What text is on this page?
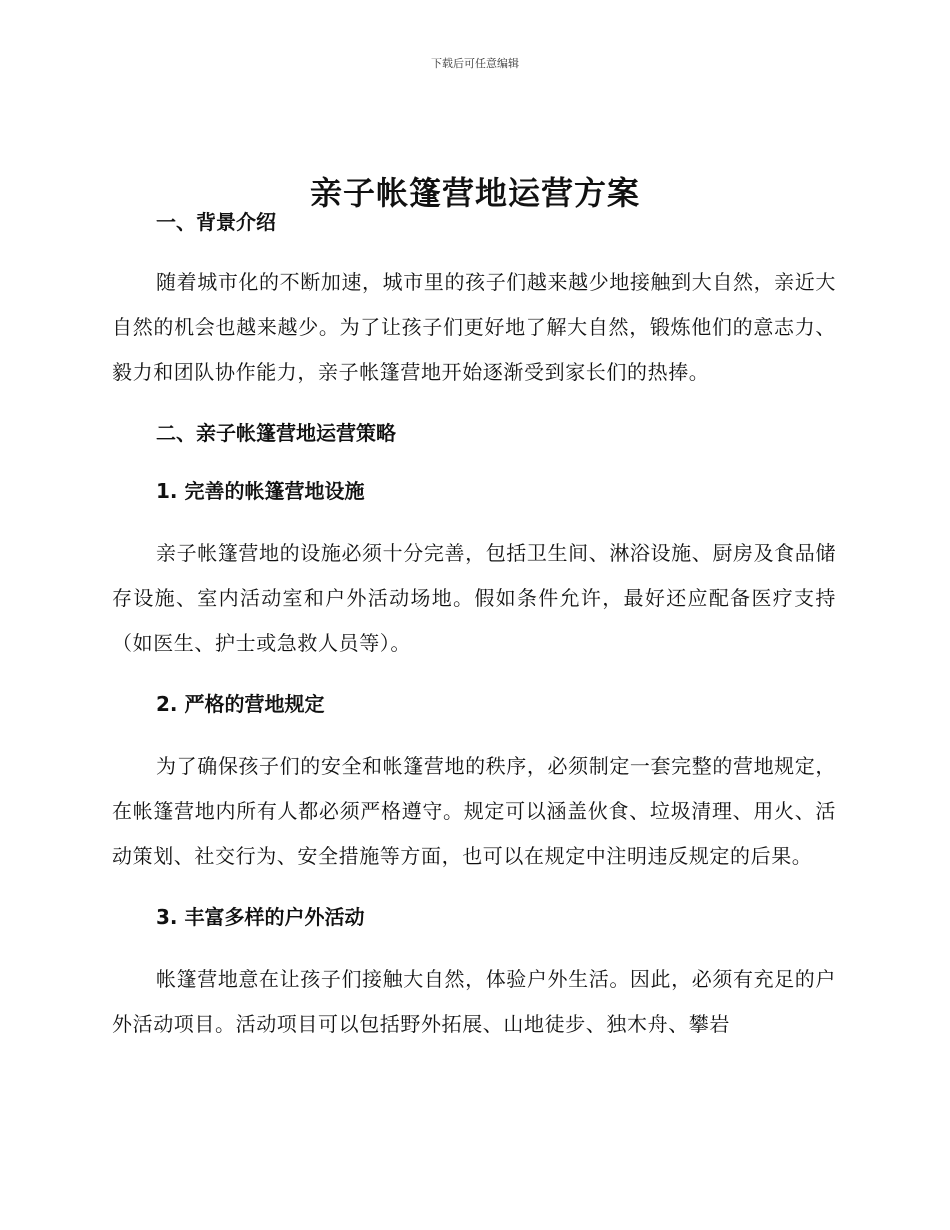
下载后可任意编辑
亲子帐篷营地运营方案

一、背景介绍

随着城市化的不断加速，城市里的孩子们越来越少地接触到大自然，亲近大自然的机会也越来越少。为了让孩子们更好地了解大自然，锻炼他们的意志力、毅力和团队协作能力，亲子帐篷营地开始逐渐受到家长们的热捧。

二、亲子帐篷营地运营策略

1. 完善的帐篷营地设施

亲子帐篷营地的设施必须十分完善，包括卫生间、淋浴设施、厨房及食品储存设施、室内活动室和户外活动场地。假如条件允许，最好还应配备医疗支持（如医生、护士或急救人员等）。

2. 严格的营地规定

为了确保孩子们的安全和帐篷营地的秩序，必须制定一套完整的营地规定，在帐篷营地内所有人都必须严格遵守。规定可以涵盖伙食、垃圾清理、用火、活动策划、社交行为、安全措施等方面，也可以在规定中注明违反规定的后果。

3. 丰富多样的户外活动

帐篷营地意在让孩子们接触大自然，体验户外生活。因此，必须有充足的户外活动项目。活动项目可以包括野外拓展、山地徒步、独木舟、攀岩
